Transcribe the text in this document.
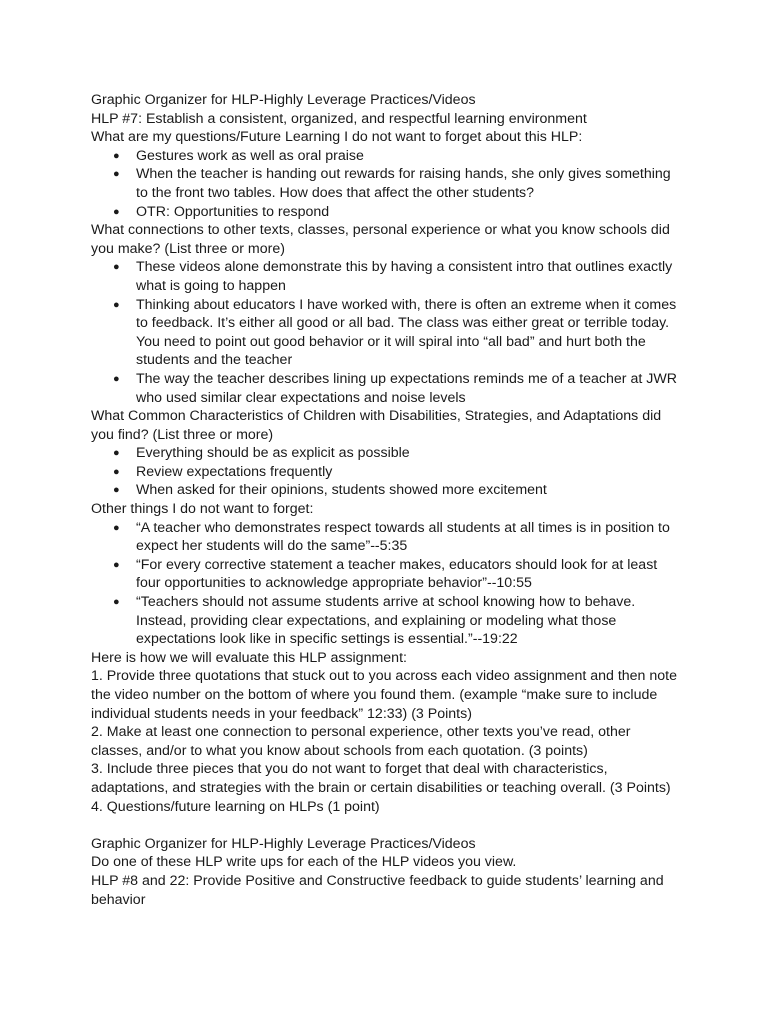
Graphic Organizer for HLP-Highly Leverage Practices/Videos

HLP #7: Establish a consistent, organized, and respectful learning environment

What are my questions/Future Learning I do not want to forget about this HLP:

● Gestures work as well as oral praise
● When the teacher is handing out rewards for raising hands, she only gives something to the front two tables. How does that affect the other students?
● OTR: Opportunities to respond

What connections to other texts, classes, personal experience or what you know schools did you make? (List three or more)

● These videos alone demonstrate this by having a consistent intro that outlines exactly what is going to happen
● Thinking about educators I have worked with, there is often an extreme when it comes to feedback. It’s either all good or all bad. The class was either great or terrible today. You need to point out good behavior or it will spiral into “all bad” and hurt both the students and the teacher
● The way the teacher describes lining up expectations reminds me of a teacher at JWR who used similar clear expectations and noise levels

What Common Characteristics of Children with Disabilities, Strategies, and Adaptations did you find? (List three or more)

● Everything should be as explicit as possible
● Review expectations frequently
● When asked for their opinions, students showed more excitement

Other things I do not want to forget:

● “A teacher who demonstrates respect towards all students at all times is in position to expect her students will do the same”--5:35
● “For every corrective statement a teacher makes, educators should look for at least four opportunities to acknowledge appropriate behavior”--10:55
● “Teachers should not assume students arrive at school knowing how to behave. Instead, providing clear expectations, and explaining or modeling what those expectations look like in specific settings is essential.”--19:22

Here is how we will evaluate this HLP assignment:

1. Provide three quotations that stuck out to you across each video assignment and then note the video number on the bottom of where you found them. (example “make sure to include individual students needs in your feedback” 12:33) (3 Points)

2. Make at least one connection to personal experience, other texts you’ve read, other classes, and/or to what you know about schools from each quotation. (3 points)

3. Include three pieces that you do not want to forget that deal with characteristics, adaptations, and strategies with the brain or certain disabilities or teaching overall. (3 Points)

4. Questions/future learning on HLPs (1 point)

Graphic Organizer for HLP-Highly Leverage Practices/Videos

Do one of these HLP write ups for each of the HLP videos you view.

HLP #8 and 22: Provide Positive and Constructive feedback to guide students’ learning and behavior
